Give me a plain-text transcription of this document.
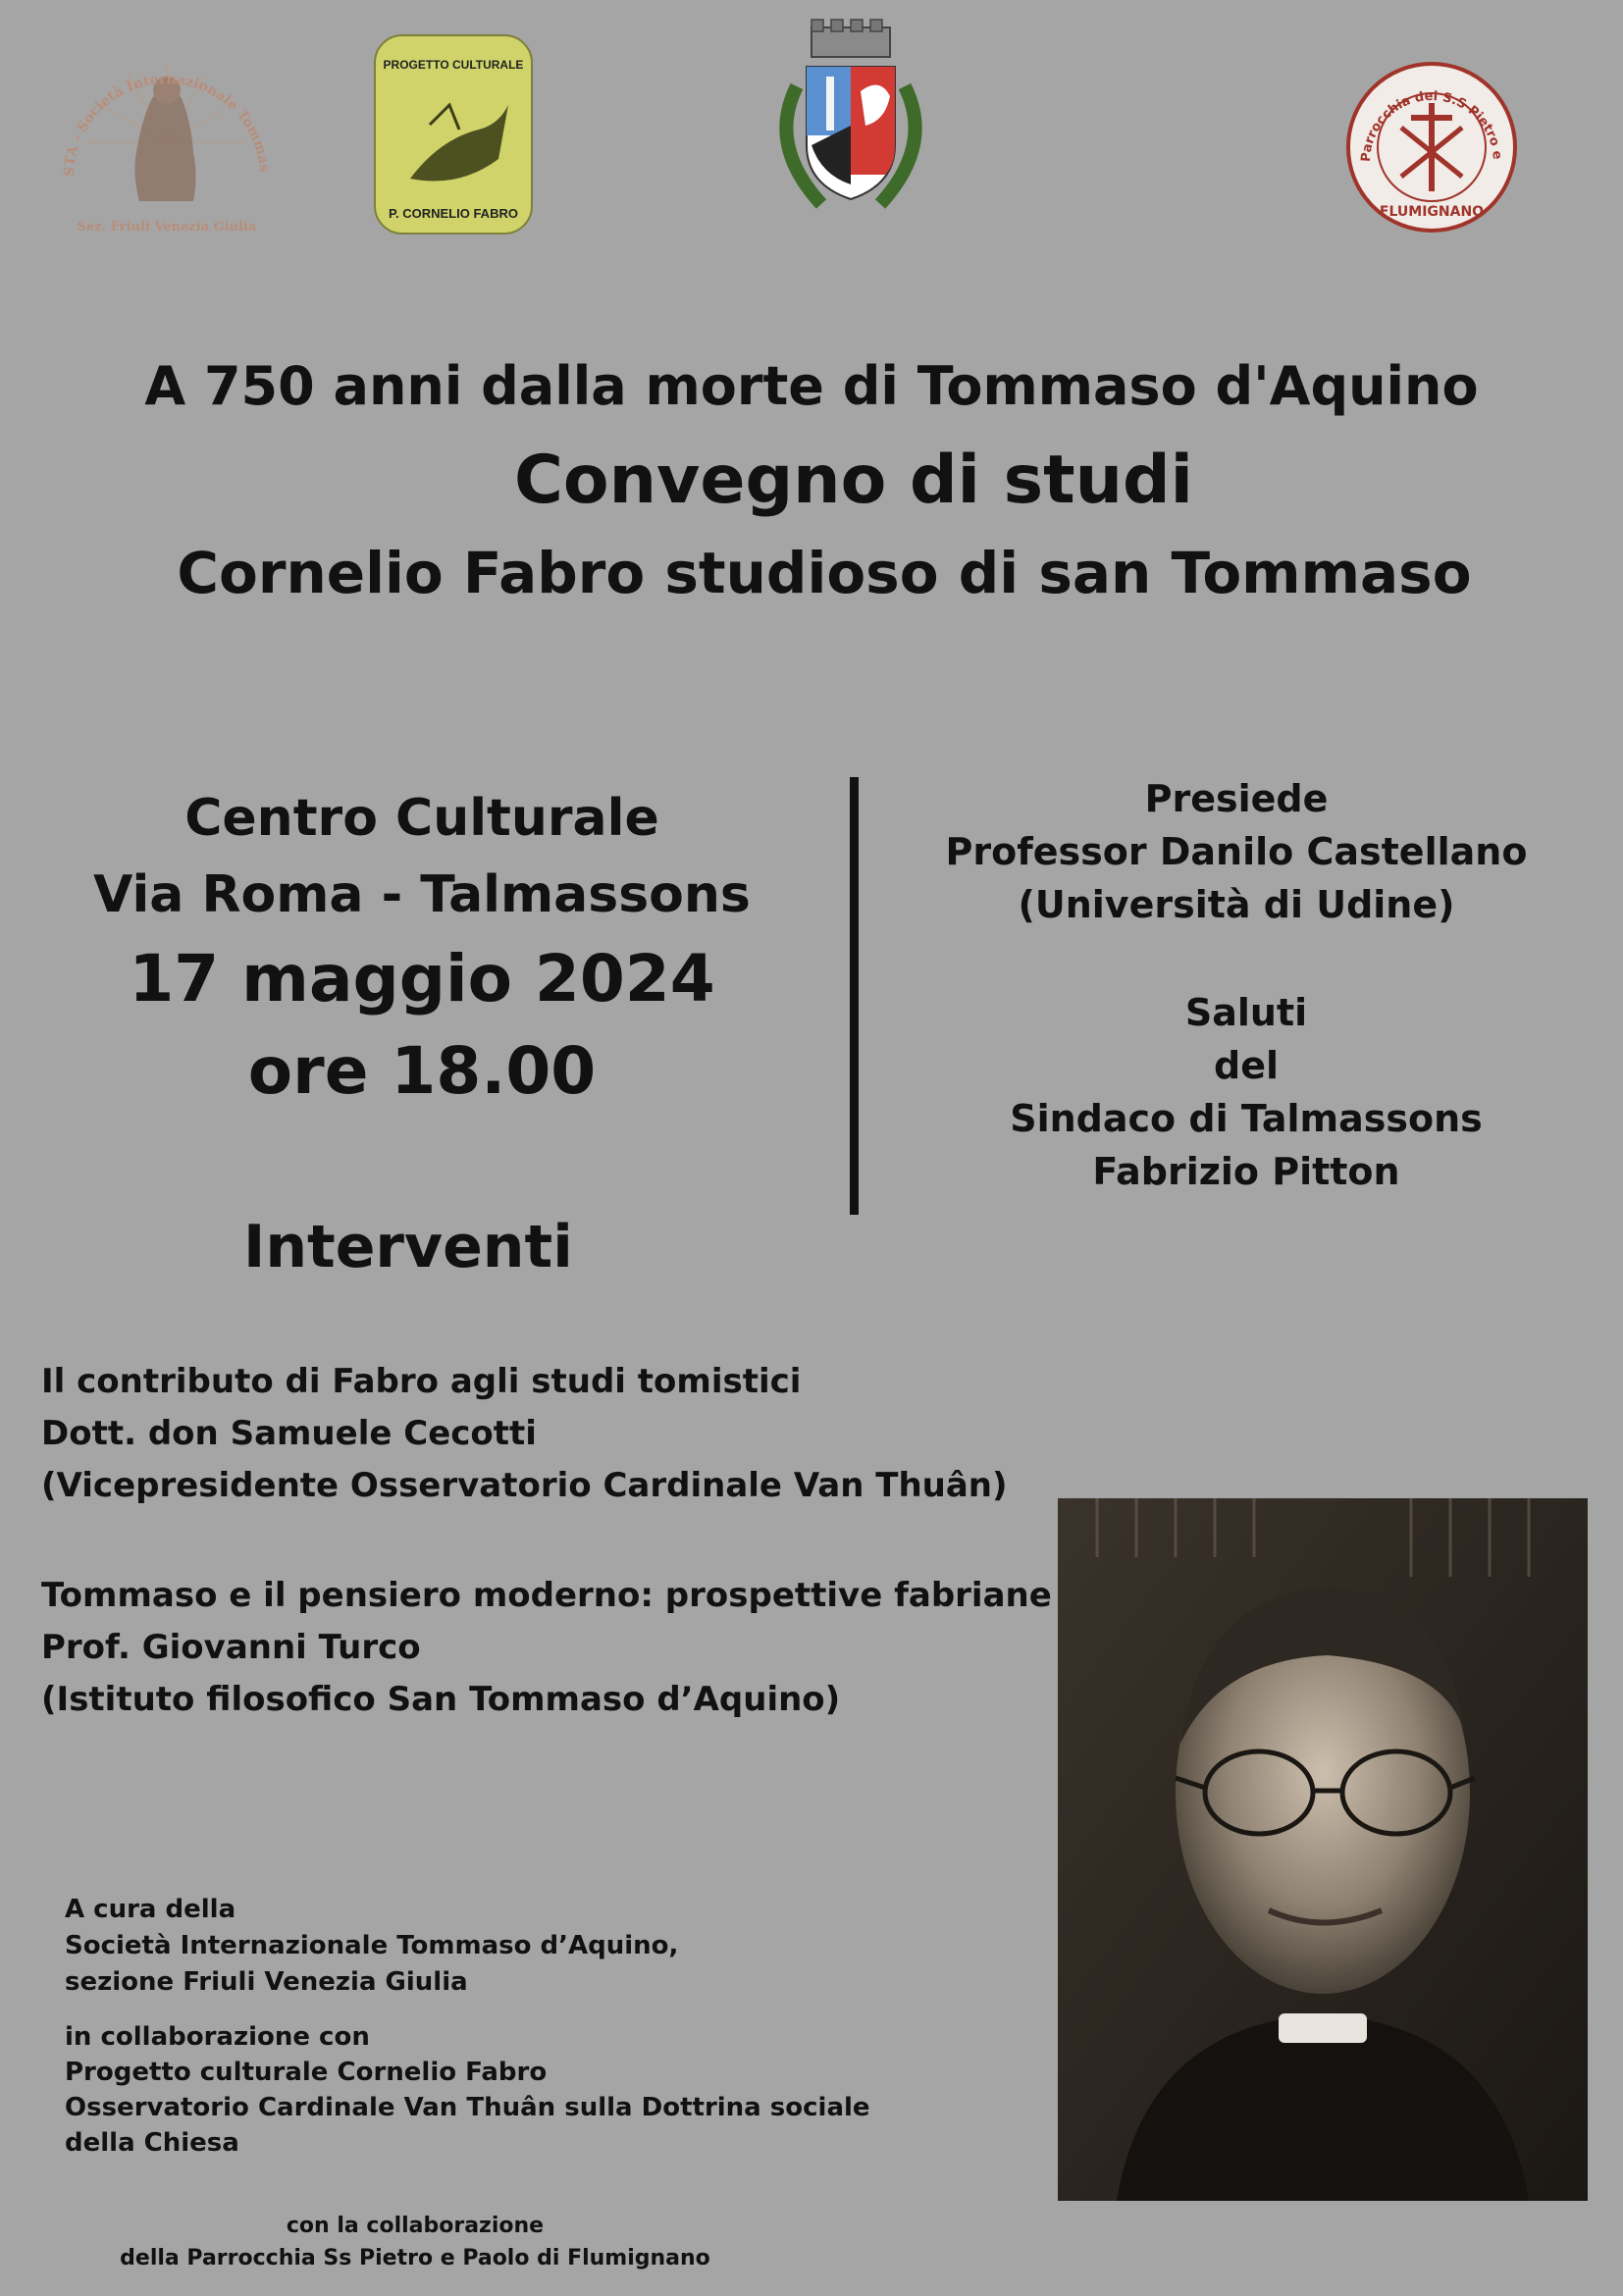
STA - Società Internazionale Tommas
Sez. Friuli Venezia Giulia
PROGETTO CULTURALE
P. CORNELIO FABRO
Parrocchia dei S.S Pietro e
FLUMIGNANO
A 750 anni dalla morte di Tommaso d'Aquino
Convegno di studi
Cornelio Fabro studioso di san Tommaso
Centro Culturale
Via Roma - Talmassons
17 maggio 2024
ore 18.00
Presiede
Professor Danilo Castellano
(Università di Udine)
Saluti
del
Sindaco di Talmassons
Fabrizio Pitton
Interventi
Il contributo di Fabro agli studi tomistici
Dott. don Samuele Cecotti
(Vicepresidente Osservatorio Cardinale Van Thuân)
Tommaso e il pensiero moderno: prospettive fabriane
Prof. Giovanni Turco
(Istituto filosofico San Tommaso d’Aquino)
A cura della
Società Internazionale Tommaso d’Aquino,
sezione Friuli Venezia Giulia
in collaborazione con
Progetto culturale Cornelio Fabro
Osservatorio Cardinale Van Thuân sulla Dottrina sociale
della Chiesa
con la collaborazione
della Parrocchia Ss Pietro e Paolo di Flumignano
